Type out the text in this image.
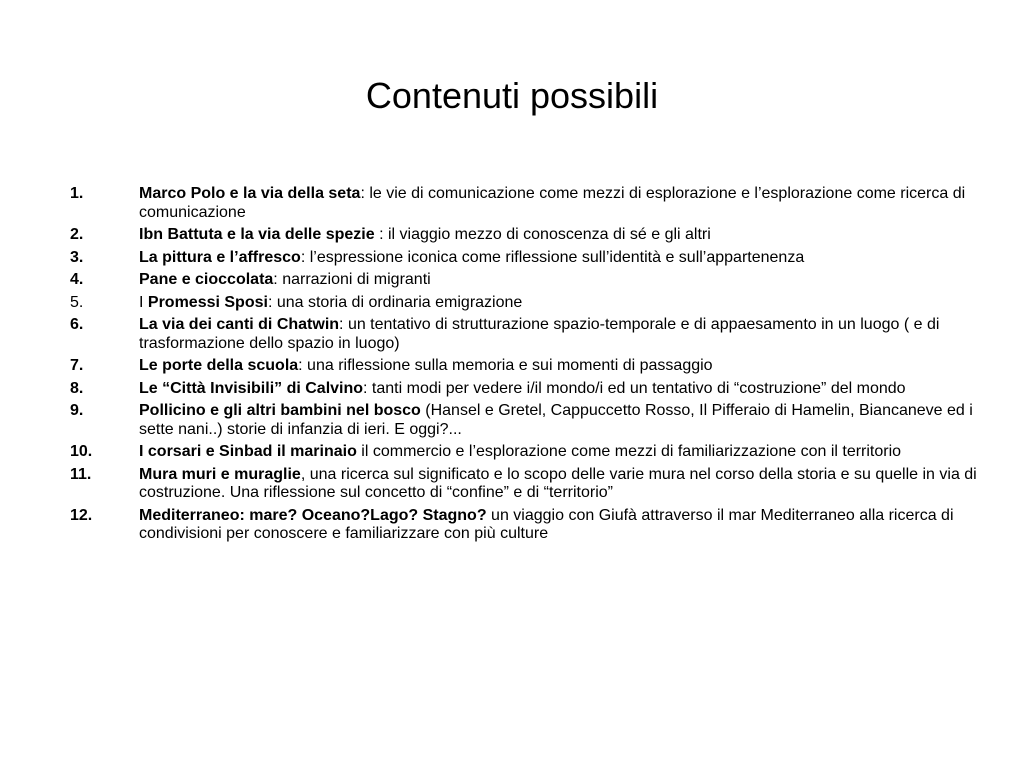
Contenuti possibili
1.	Marco Polo e la via della seta: le vie di comunicazione come mezzi di esplorazione e l’esplorazione come ricerca di comunicazione
2.	Ibn Battuta e la via delle spezie : il viaggio mezzo di conoscenza di sé e gli altri
3.	La pittura e l’affresco: l’espressione iconica come riflessione sull’identità e sull’appartenenza
4.	Pane e cioccolata: narrazioni di migranti
5.	I Promessi Sposi: una storia di ordinaria emigrazione
6.	La via dei canti di Chatwin: un tentativo di strutturazione spazio-temporale e di appaesamento in un luogo ( e di trasformazione dello spazio in luogo)
7.	Le porte della scuola: una riflessione sulla memoria e sui momenti di passaggio
8.	Le “Città Invisibili” di Calvino: tanti modi per vedere i/il mondo/i ed un tentativo di “costruzione” del mondo
9.	Pollicino e gli altri bambini nel bosco (Hansel e Gretel, Cappuccetto Rosso, Il Pifferaio di Hamelin, Biancaneve ed i sette nani..) storie di infanzia di ieri. E oggi?...
10.	I corsari e Sinbad il marinaio il commercio e l’esplorazione come mezzi di familiarizzazione con il territorio
11.	Mura muri e muraglie, una ricerca sul significato e lo scopo delle varie mura nel corso della storia e su quelle in via di costruzione. Una riflessione sul concetto di “confine” e di “territorio”
12.	Mediterraneo: mare? Oceano?Lago? Stagno? un viaggio con Giufà attraverso il mar Mediterraneo alla ricerca di condivisioni per conoscere e familiarizzare con più culture
